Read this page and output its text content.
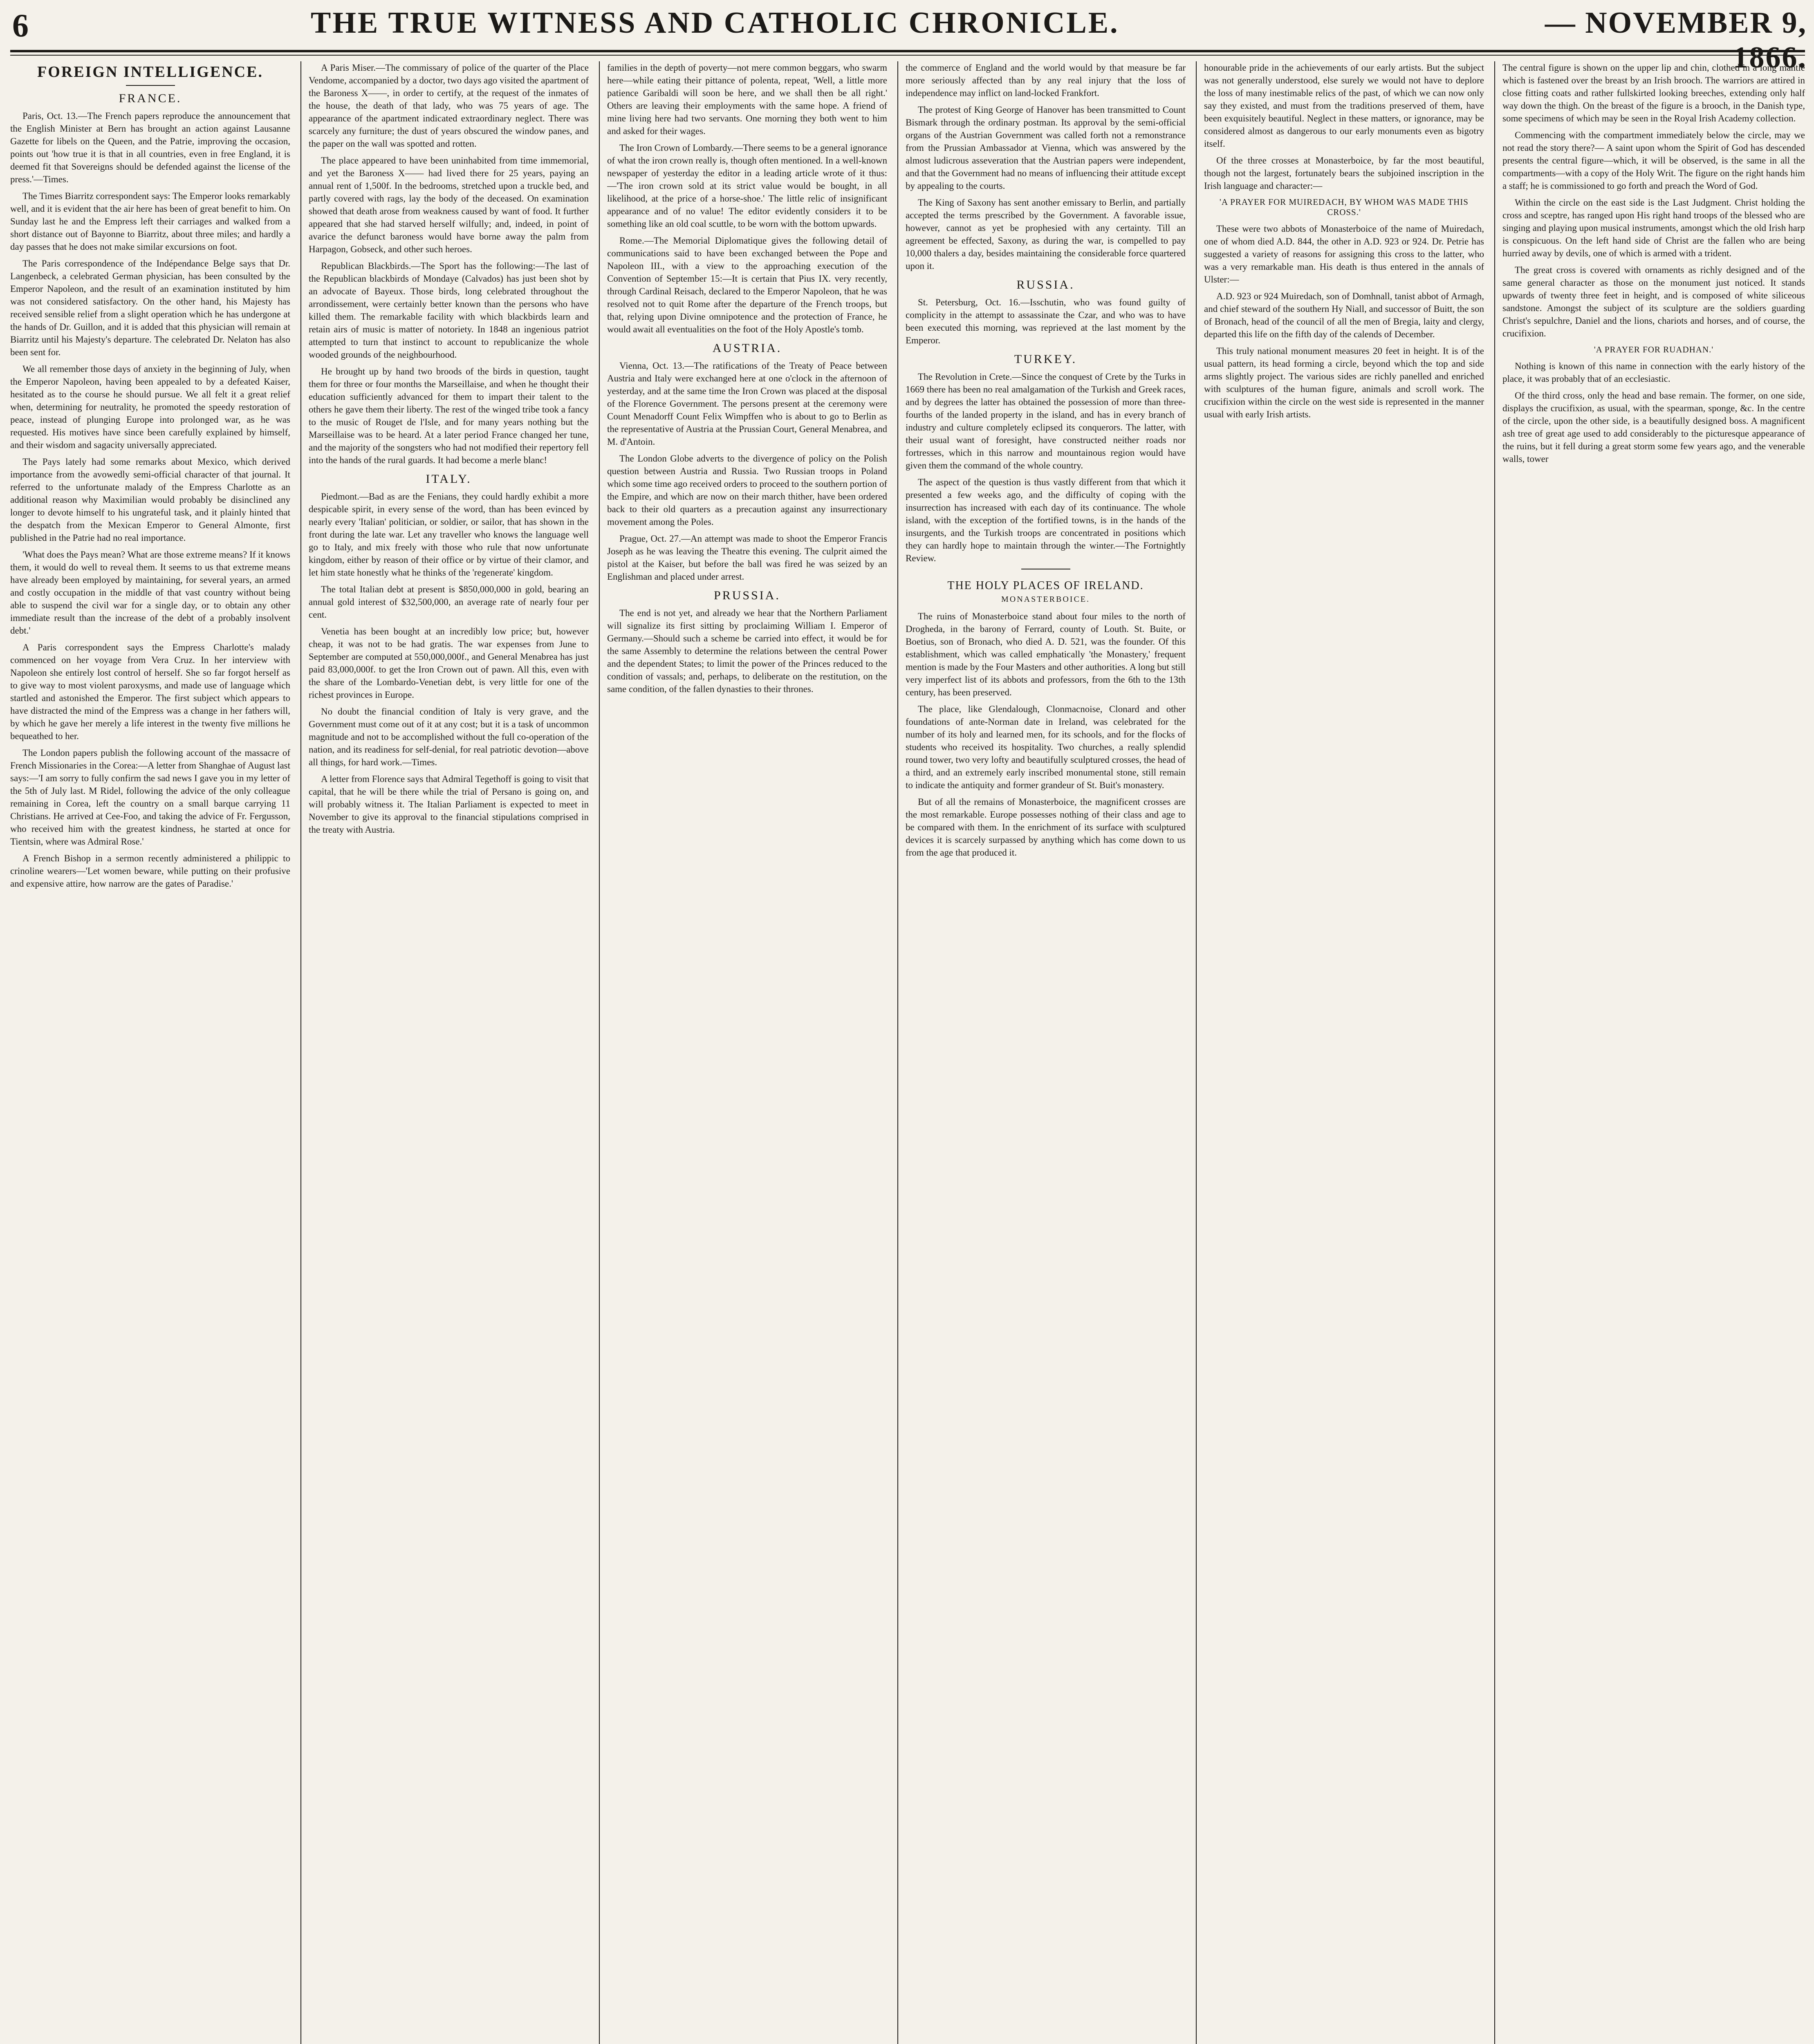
6	THE TRUE WITNESS AND CATHOLIC CHRONICLE.	— NOVEMBER 9, 1866.
FOREIGN INTELLIGENCE.
FRANCE.

Paris, Oct. 13.—The French papers reproduce the announcement that the English Minister at Bern has brought an action against Lausanne Gazette for libels on the Queen, and the Patrie, improving the occasion, points out 'how true it is that in all countries, even in free England, it is deemed fit that Sovereigns should be defended against the license of the press.'—Times.

The Times Biarritz correspondent says: The Emperor looks remarkably well, and it is evident that the air here has been of great benefit to him. On Sunday last he and the Empress left their carriages and walked from a short distance out of Bayonne to Biarritz, about three miles; and hardly a day passes that he does not make similar excursions on foot.

The Paris correspondence of the Indépendance Belge says that Dr. Langenbeck, a celebrated German physician, has been consulted by the Emperor Napoleon, and the result of an examination instituted by him was not considered satisfactory. On the other hand, his Majesty has received sensible relief from a slight operation which he has undergone at the hands of Dr. Guillon, and it is added that this physician will remain at Biarritz until his Majesty's departure. The celebrated Dr. Nelaton has also been sent for.

We all remember those days of anxiety in the beginning of July, when the Emperor Napoleon, having been appealed to by a defeated Kaiser, hesitated as to the course he should pursue. We all felt it a great relief when, determining for neutrality, he promoted the speedy restoration of peace, instead of plunging Europe into prolonged war, as he was requested. His motives have since been carefully explained by himself, and their wisdom and sagacity universally appreciated.

The Pays lately had some remarks about Mexico, which derived importance from the avowedly semi-official character of that journal. It referred to the unfortunate malady of the Empress Charlotte as an additional reason why Maximilian would probably be disinclined any longer to devote himself to his ungrateful task, and it plainly hinted that the despatch from the Mexican Emperor to General Almonte, first published in the Patrie had no real importance.

'What does the Pays mean? What are those extreme means? If it knows them, it would do well to reveal them. It seems to us that extreme means have already been employed by maintaining, for several years, an armed and costly occupation in the middle of that vast country without being able to suspend the civil war for a single day, or to obtain any other immediate result than the increase of the debt of a probably insolvent debt.'

A Paris correspondent says the Empress Charlotte's malady commenced on her voyage from Vera Cruz. In her interview with Napoleon she entirely lost control of herself. She so far forgot herself as to give way to most violent paroxysms, and made use of language which startled and astonished the Emperor. The first subject which appears to have distracted the mind of the Empress was a change in her fathers will, by which he gave her merely a life interest in the twenty five millions he bequeathed to her.

The London papers publish the following account of the massacre of French Missionaries in the Corea:—A letter from Shanghae of August last says:—'I am sorry to fully confirm the sad news I gave you in my letter of the 5th of July last. M Ridel, following the advice of the only colleague remaining in Corea, left the country on a small barque carrying 11 Christians. He arrived at Cee-Foo, and taking the advice of Fr. Fergusson, who received him with the greatest kindness, he started at once for Tientsin, where was Admiral Rose.'

A French Bishop in a sermon recently administered a philippic to crinoline wearers—'Let women beware, while putting on their profusive and expensive attire, how narrow are the gates of Paradise.'

A Paris Miser.—The commissary of police of the quarter of the Place Vendome, accompanied by a doctor, two days ago visited the apartment of the Baroness X——, in order to certify, at the request of the inmates of the house, the death of that lady, who was 75 years of age. The appearance of the apartment indicated extraordinary neglect. There was scarcely any furniture; the dust of years obscured the window panes, and the paper on the wall was spotted and rotten.

The place appeared to have been uninhabited from time immemorial, and yet the Baroness X—— had lived there for 25 years, paying an annual rent of 1,500f. In the bedrooms, stretched upon a truckle bed, and partly covered with rags, lay the body of the deceased. On examination showed that death arose from weakness caused by want of food. It further appeared that she had starved herself wilfully; and, indeed, in point of avarice the defunct baroness would have borne away the palm from Harpagon, Gobseck, and other such heroes.

Republican Blackbirds.—The Sport has the following:—The last of the Republican blackbirds of Mondaye (Calvados) has just been shot by an advocate of Bayeux. Those birds, long celebrated throughout the arrondissement, were certainly better known than the persons who have killed them. The remarkable facility with which blackbirds learn and retain airs of music is matter of notoriety. In 1848 an ingenious patriot attempted to turn that instinct to account to republicanize the whole wooded grounds of the neighbourhood.

He brought up by hand two broods of the birds in question, taught them for three or four months the Marseillaise, and when he thought their education sufficiently advanced for them to impart their talent to the others he gave them their liberty. The rest of the winged tribe took a fancy to the music of Rouget de l'Isle, and for many years nothing but the Marseillaise was to be heard. At a later period France changed her tune, and the majority of the songsters who had not modified their repertory fell into the hands of the rural guards. It had become a merle blanc!

ITALY.

Piedmont.—Bad as are the Fenians, they could hardly exhibit a more despicable spirit, in every sense of the word, than has been evinced by nearly every 'Italian' politician, or soldier, or sailor, that has shown in the front during the late war. Let any traveller who knows the language well go to Italy, and mix freely with those who rule that now unfortunate kingdom, either by reason of their office or by virtue of their clamor, and let him state honestly what he thinks of the 'regenerate' kingdom.

The total Italian debt at present is $850,000,000 in gold, bearing an annual gold interest of $32,500,000, an average rate of nearly four per cent.

Venetia has been bought at an incredibly low price; but, however cheap, it was not to be had gratis. The war expenses from June to September are computed at 550,000,000f., and General Menabrea has just paid 83,000,000f. to get the Iron Crown out of pawn. All this, even with the share of the Lombardo-Venetian debt, is very little for one of the richest provinces in Europe.

No doubt the financial condition of Italy is very grave, and the Government must come out of it at any cost; but it is a task of uncommon magnitude and not to be accomplished without the full co-operation of the nation, and its readiness for self-denial, for real patriotic devotion—above all things, for hard work.—Times.

A letter from Florence says that Admiral Tegethoff is going to visit that capital, that he will be there while the trial of Persano is going on, and will probably witness it. The Italian Parliament is expected to meet in November to give its approval to the financial stipulations comprised in the treaty with Austria.

families in the depth of poverty—not mere common beggars, who swarm here—while eating their pittance of polenta, repeat, 'Well, a little more patience Garibaldi will soon be here, and we shall then be all right.' Others are leaving their employments with the same hope. A friend of mine living here had two servants. One morning they both went to him and asked for their wages.

The Iron Crown of Lombardy.—There seems to be a general ignorance of what the iron crown really is, though often mentioned. In a well-known newspaper of yesterday the editor in a leading article wrote of it thus:—'The iron crown sold at its strict value would be bought, in all likelihood, at the price of a horse-shoe.' The little relic of insignificant appearance and of no value! The editor evidently considers it to be something like an old coal scuttle, to be worn with the bottom upwards.

Rome.—The Memorial Diplomatique gives the following detail of communications said to have been exchanged between the Pope and Napoleon III., with a view to the approaching execution of the Convention of September 15:—It is certain that Pius IX. very recently, through Cardinal Reisach, declared to the Emperor Napoleon, that he was resolved not to quit Rome after the departure of the French troops, but that, relying upon Divine omnipotence and the protection of France, he would await all eventualities on the foot of the Holy Apostle's tomb.

AUSTRIA.

Vienna, Oct. 13.—The ratifications of the Treaty of Peace between Austria and Italy were exchanged here at one o'clock in the afternoon of yesterday, and at the same time the Iron Crown was placed at the disposal of the Florence Government. The persons present at the ceremony were Count Menadorff Count Felix Wimpffen who is about to go to Berlin as the representative of Austria at the Prussian Court, General Menabrea, and M. d'Antoin.

The London Globe adverts to the divergence of policy on the Polish question between Austria and Russia. Two Russian troops in Poland which some time ago received orders to proceed to the southern portion of the Empire, and which are now on their march thither, have been ordered back to their old quarters as a precaution against any insurrectionary movement among the Poles.

Prague, Oct. 27.—An attempt was made to shoot the Emperor Francis Joseph as he was leaving the Theatre this evening. The culprit aimed the pistol at the Kaiser, but before the ball was fired he was seized by an Englishman and placed under arrest.

PRUSSIA.

The end is not yet, and already we hear that the Northern Parliament will signalize its first sitting by proclaiming William I. Emperor of Germany.—Should such a scheme be carried into effect, it would be for the same Assembly to determine the relations between the central Power and the dependent States; to limit the power of the Princes reduced to the condition of vassals; and, perhaps, to deliberate on the restitution, on the same condition, of the fallen dynasties to their thrones.

the commerce of England and the world would by that measure be far more seriously affected than by any real injury that the loss of independence may inflict on land-locked Frankfort.

The protest of King George of Hanover has been transmitted to Count Bismark through the ordinary postman. Its approval by the semi-official organs of the Austrian Government was called forth not a remonstrance from the Prussian Ambassador at Vienna, which was answered by the almost ludicrous asseveration that the Austrian papers were independent, and that the Government had no means of influencing their attitude except by appealing to the courts.

The King of Saxony has sent another emissary to Berlin, and partially accepted the terms prescribed by the Government. A favorable issue, however, cannot as yet be prophesied with any certainty. Till an agreement be effected, Saxony, as during the war, is compelled to pay 10,000 thalers a day, besides maintaining the considerable force quartered upon it.

RUSSIA.

St. Petersburg, Oct. 16.—Isschutin, who was found guilty of complicity in the attempt to assassinate the Czar, and who was to have been executed this morning, was reprieved at the last moment by the Emperor.

TURKEY.

The Revolution in Crete.—Since the conquest of Crete by the Turks in 1669 there has been no real amalgamation of the Turkish and Greek races, and by degrees the latter has obtained the possession of more than three-fourths of the landed property in the island, and has in every branch of industry and culture completely eclipsed its conquerors. The latter, with their usual want of foresight, have constructed neither roads nor fortresses, which in this narrow and mountainous region would have given them the command of the whole country.

The aspect of the question is thus vastly different from that which it presented a few weeks ago, and the difficulty of coping with the insurrection has increased with each day of its continuance. The whole island, with the exception of the fortified towns, is in the hands of the insurgents, and the Turkish troops are concentrated in positions which they can hardly hope to maintain through the winter.—The Fortnightly Review.

THE HOLY PLACES OF IRELAND.
MONASTERBOICE.

The ruins of Monasterboice stand about four miles to the north of Drogheda, in the barony of Ferrard, county of Louth. St. Buite, or Boetius, son of Bronach, who died A. D. 521, was the founder. Of this establishment, which was called emphatically 'the Monastery,' frequent mention is made by the Four Masters and other authorities. A long but still very imperfect list of its abbots and professors, from the 6th to the 13th century, has been preserved.

The place, like Glendalough, Clonmacnoise, Clonard and other foundations of ante-Norman date in Ireland, was celebrated for the number of its holy and learned men, for its schools, and for the flocks of students who received its hospitality. Two churches, a really splendid round tower, two very lofty and beautifully sculptured crosses, the head of a third, and an extremely early inscribed monumental stone, still remain to indicate the antiquity and former grandeur of St. Buit's monastery.

But of all the remains of Monasterboice, the magnificent crosses are the most remarkable. Europe possesses nothing of their class and age to be compared with them. In the enrichment of its surface with sculptured devices it is scarcely surpassed by anything which has come down to us from the age that produced it.

honourable pride in the achievements of our early artists. But the subject was not generally understood, else surely we would not have to deplore the loss of many inestimable relics of the past, of which we can now only say they existed, and must from the traditions preserved of them, have been exquisitely beautiful. Neglect in these matters, or ignorance, may be considered almost as dangerous to our early monuments even as bigotry itself.

Of the three crosses at Monasterboice, by far the most beautiful, though not the largest, fortunately bears the subjoined inscription in the Irish language and character:—

'A PRAYER FOR MUIREDACH, BY WHOM WAS MADE THIS CROSS.'

These were two abbots of Monasterboice of the name of Muiredach, one of whom died A.D. 844, the other in A.D. 923 or 924. Dr. Petrie has suggested a variety of reasons for assigning this cross to the latter, who was a very remarkable man. His death is thus entered in the annals of Ulster:—

A.D. 923 or 924 Muiredach, son of Domhnall, tanist abbot of Armagh, and chief steward of the southern Hy Niall, and successor of Buitt, the son of Bronach, head of the council of all the men of Bregia, laity and clergy, departed this life on the fifth day of the calends of December.

This truly national monument measures 20 feet in height. It is of the usual pattern, its head forming a circle, beyond which the top and side arms slightly project. The various sides are richly panelled and enriched with sculptures of the human figure, animals and scroll work. The crucifixion within the circle on the west side is represented in the manner usual with early Irish artists.

The central figure is shown on the upper lip and chin, clothed in a long mantle which is fastened over the breast by an Irish brooch. The warriors are attired in close fitting coats and rather fullskirted looking breeches, extending only half way down the thigh. On the breast of the figure is a brooch, in the Danish type, some specimens of which may be seen in the Royal Irish Academy collection.

Commencing with the compartment immediately below the circle, may we not read the story there?— A saint upon whom the Spirit of God has descended presents the central figure—which, it will be observed, is the same in all the compartments—with a copy of the Holy Writ. The figure on the right hands him a staff; he is commissioned to go forth and preach the Word of God.

Within the circle on the east side is the Last Judgment. Christ holding the cross and sceptre, has ranged upon His right hand troops of the blessed who are singing and playing upon musical instruments, amongst which the old Irish harp is conspicuous. On the left hand side of Christ are the fallen who are being hurried away by devils, one of which is armed with a trident.

The great cross is covered with ornaments as richly designed and of the same general character as those on the monument just noticed. It stands upwards of twenty three feet in height, and is composed of white siliceous sandstone. Amongst the subject of its sculpture are the soldiers guarding Christ's sepulchre, Daniel and the lions, chariots and horses, and of course, the crucifixion.

'A PRAYER FOR RUADHAN.'

Nothing is known of this name in connection with the early history of the place, it was probably that of an ecclesiastic.

Of the third cross, only the head and base remain. The former, on one side, displays the crucifixion, as usual, with the spearman, sponge, &c. In the centre of the circle, upon the other side, is a beautifully designed boss. A magnificent ash tree of great age used to add considerably to the picturesque appearance of the ruins, but it fell during a great storm some few years ago, and the venerable walls, tower
